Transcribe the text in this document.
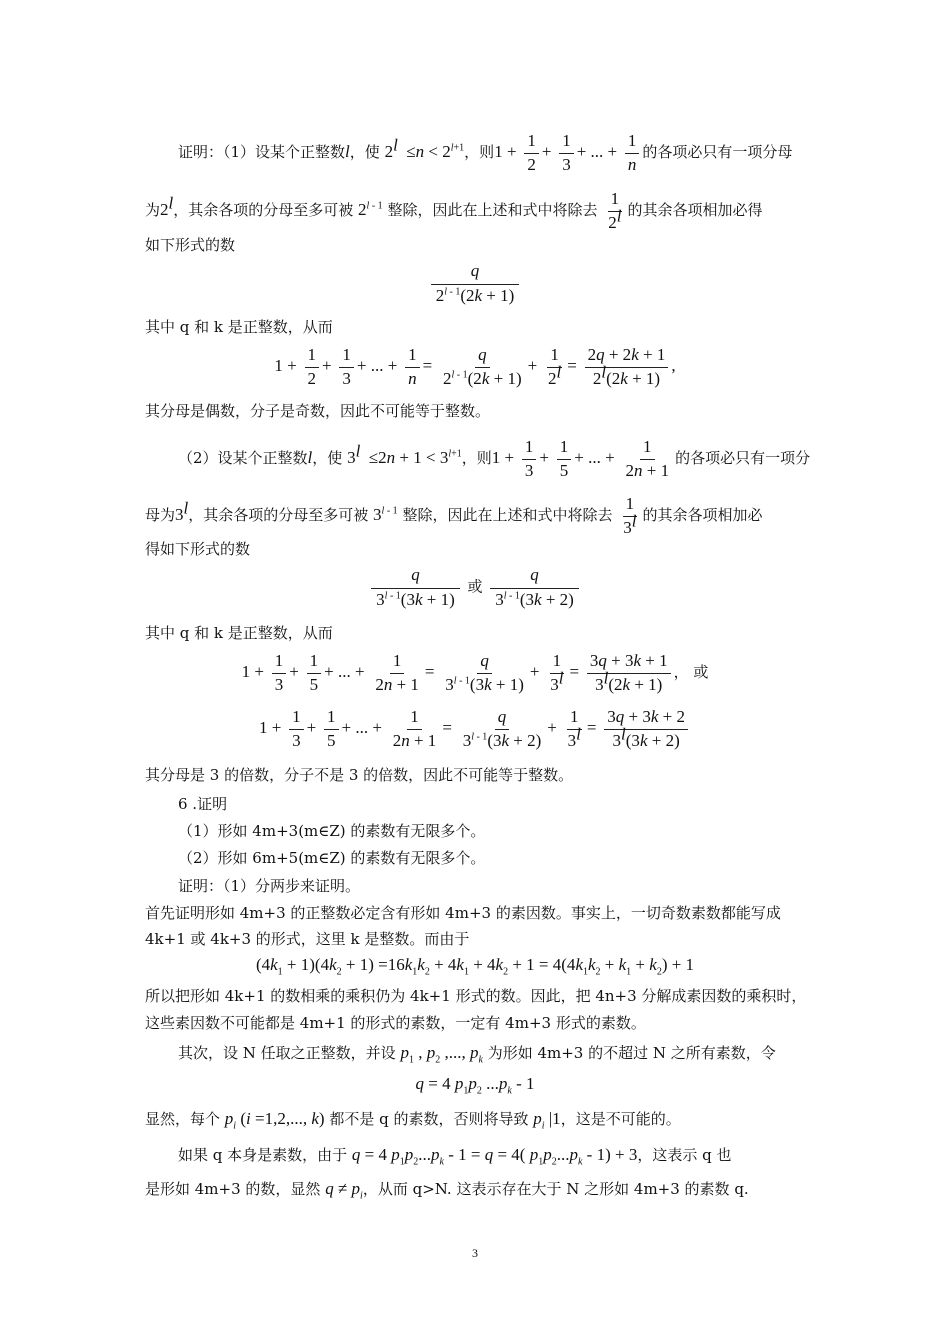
证明：（1）设某个正整数l，使 $2^l \le n < 2^{l+1}$，则$1 + \frac{1}{2} + \frac{1}{3}$ + ... + $\frac{1}{n}$ 的各项必只有一项分母
为2$^l$，其余各项的分母至多可被 2$^{l - 1}$ 整除，因此在上述和式中将除去 $\frac{1}{2^l}$ 的其余各项相加必得
如下形式的数
$\frac{q}{2^{l - 1}(2k + 1)}$
其中 q 和 k 是正整数，从而
$1 + \frac{1}{2} + \frac{1}{3}$ + ... + $\frac{1}{n} = \frac{q}{2^{l - 1}(2k + 1)} + \frac{1}{2^l} = \frac{2q + 2k + 1}{2^l(2k + 1)}$ ,
其分母是偶数，分子是奇数，因此不可能等于整数。
（2）设某个正整数l，使 $3^l \le 2n + 1 < 3^{l+1}$，则$1 + \frac{1}{3} + \frac{1}{5}$ + ... + $\frac{1}{2n + 1}$ 的各项必只有一项分
母为3$^l$，其余各项的分母至多可被 3$^{l - 1}$ 整除，因此在上述和式中将除去 $\frac{1}{3^l}$ 的其余各项相加必
得如下形式的数
$\frac{q}{3^{l - 1}(3k + 1)}$ 或 $\frac{q}{3^{l - 1}(3k + 2)}$
其中 q 和 k 是正整数，从而
$1 + \frac{1}{3} + \frac{1}{5}$ + ... + $\frac{1}{2n + 1} = \frac{q}{3^{l - 1}(3k + 1)} + \frac{1}{3^l} = \frac{3q + 3k + 1}{3^l(2k + 1)}$ ， 或
$1 + \frac{1}{3} + \frac{1}{5}$ + ... + $\frac{1}{2n + 1} = \frac{q}{3^{l - 1}(3k + 2)} + \frac{1}{3^l} = \frac{3q + 3k + 2}{3^l(3k + 2)}$
其分母是 3 的倍数，分子不是 3 的倍数，因此不可能等于整数。
6 .证明
（1）形如 4m+3(m∈Z) 的素数有无限多个。
（2）形如 6m+5(m∈Z) 的素数有无限多个。
证明：（1）分两步来证明。
首先证明形如 4m+3 的正整数必定含有形如 4m+3 的素因数。事实上，一切奇数素数都能写成
4k+1 或 4k+3 的形式，这里 k 是整数。而由于
$(4k_1 + 1)(4k_2 + 1) =16k_1k_2 + 4k_1 + 4k_2 + 1 = 4(4k_1k_2 + k_1 + k_2) + 1$
所以把形如 4k+1 的数相乘的乘积仍为 4k+1 形式的数。因此，把 4n+3 分解成素因数的乘积时，
这些素因数不可能都是 4m+1 的形式的素数，一定有 4m+3 形式的素数。
其次，设 N 任取之正整数，并设 $p_1$ , $p_2$ ,..., $p_k$ 为形如 4m+3 的不超过 N 之所有素数，令
q = 4 $p_1p_2$ $...p_k - 1$
显然，每个 $p_i$ (i =1,2,..., k) 都不是 q 的素数，否则将导致 $p_i$ |1，这是不可能的。
如果 q 本身是素数，由于 q = 4 $p_1p_2...p_k - 1 = q = 4$( $p_1p_2...p_k - 1) + 3$，这表示 q 也
是形如 4m+3 的数，显然 $q \ne p_i$，从而 q>N. 这表示存在大于 N 之形如 4m+3 的素数 q.
3
